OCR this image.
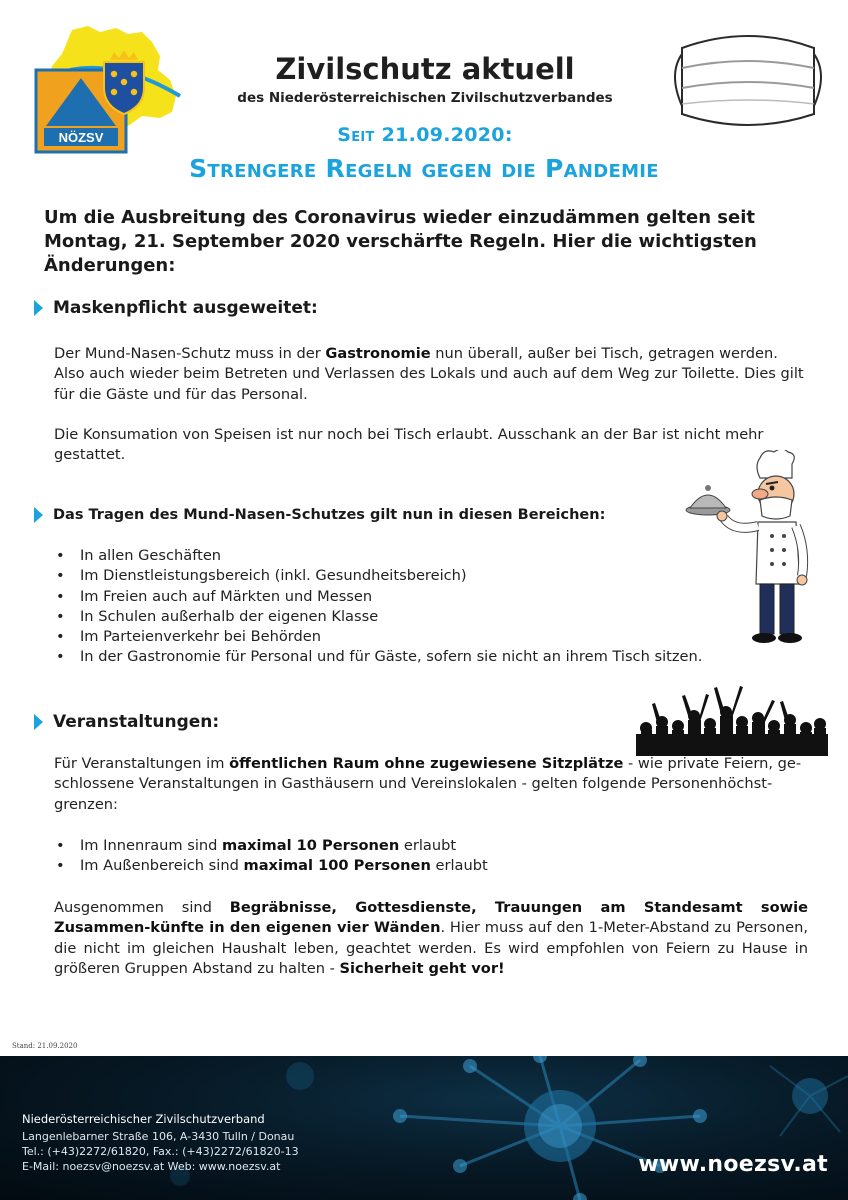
NÖZSV
Zivilschutz aktuell
des Niederösterreichischen Zivilschutzverbandes
Seit 21.09.2020:
Strengere Regeln gegen die Pandemie
Um die Ausbreitung des Coronavirus wieder einzudämmen gelten seit Montag, 21. September 2020 verschärfte Regeln. Hier die wichtigsten Änderungen:
Maskenpflicht ausgeweitet:

Der Mund-Nasen-Schutz muss in der Gastronomie nun überall, außer bei Tisch, getragen werden. Also auch wieder beim Betreten und Verlassen des Lokals und auch auf dem Weg zur Toilette. Dies gilt für die Gäste und für das Personal.

Die Konsumation von Speisen ist nur noch bei Tisch erlaubt. Ausschank an der Bar ist nicht mehr gestattet.

Das Tragen des Mund-Nasen-Schutzes gilt nun in diesen Bereichen:
• In allen Geschäften
• Im Dienstleistungsbereich (inkl. Gesundheitsbereich)
• Im Freien auch auf Märkten und Messen
• In Schulen außerhalb der eigenen Klasse
• Im Parteienverkehr bei Behörden
• In der Gastronomie für Personal und für Gäste, sofern sie nicht an ihrem Tisch sitzen.
Veranstaltungen:

Für Veranstaltungen im öffentlichen Raum ohne zugewiesene Sitzplätze - wie private Feiern, ge-schlossene Veranstaltungen in Gasthäusern und Vereinslokalen - gelten folgende Personenhöchst-grenzen:

• Im Innenraum sind maximal 10 Personen erlaubt
• Im Außenbereich sind maximal 100 Personen erlaubt

Ausgenommen sind Begräbnisse, Gottesdienste, Trauungen am Standesamt sowie Zusammen-künfte in den eigenen vier Wänden. Hier muss auf den 1-Meter-Abstand zu Personen, die nicht im gleichen Haushalt leben, geachtet werden. Es wird empfohlen von Feiern zu Hause in größeren Gruppen Abstand zu halten - Sicherheit geht vor!

Stand: 21.09.2020
Niederösterreichischer Zivilschutzverband
Langenlebarner Straße 106, A-3430 Tulln / Donau
Tel.: (+43)2272/61820, Fax.: (+43)2272/61820-13
E-Mail: noezsv@noezsv.at Web: www.noezsv.at	www.noezsv.at
